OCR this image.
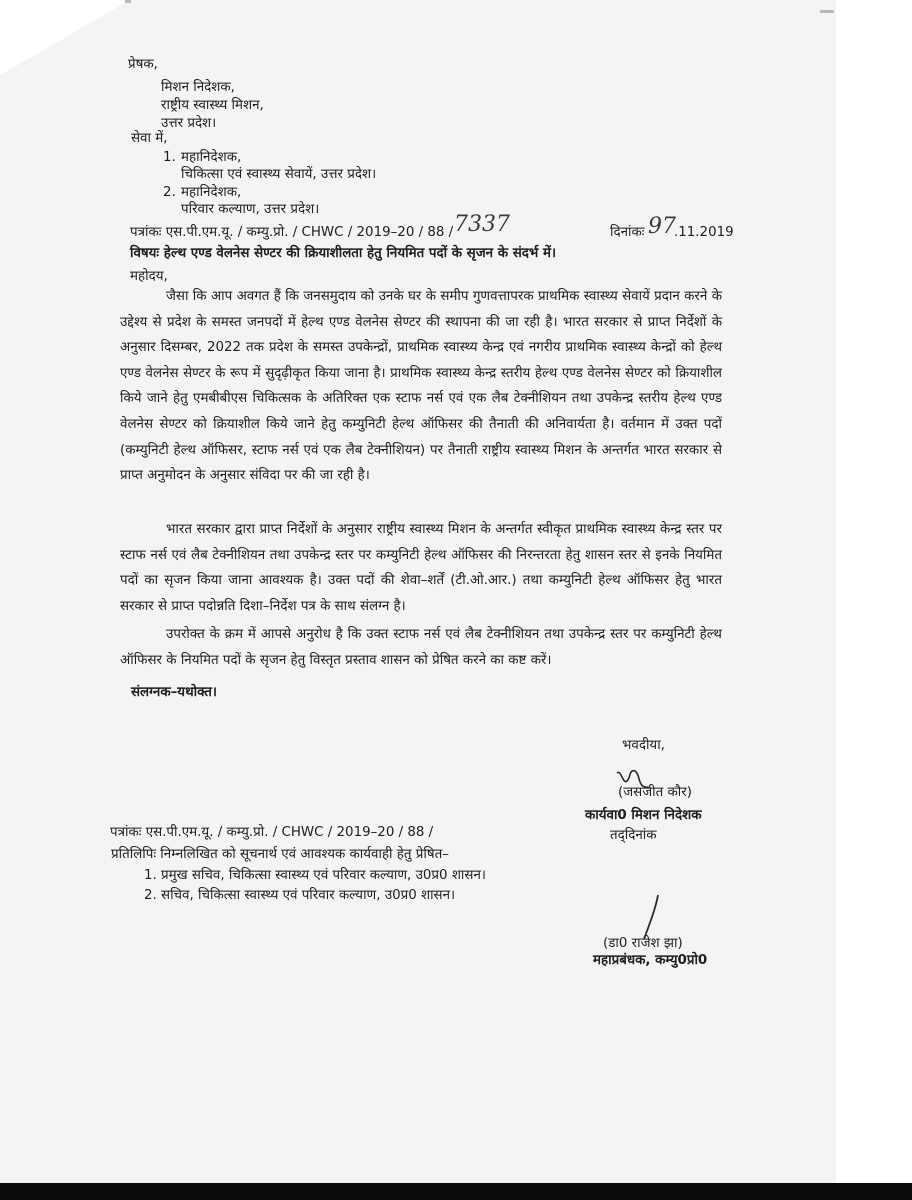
प्रेषक,
मिशन निदेशक,
राष्ट्रीय स्वास्थ्य मिशन,
उत्तर प्रदेश।
सेवा में,
1. महानिदेशक,
चिकित्सा एवं स्वास्थ्य सेवायें, उत्तर प्रदेश।
2. महानिदेशक,
परिवार कल्याण, उत्तर प्रदेश।
पत्रांकः एस.पी.एम.यू. / कम्यु.प्रो. / CHWC / 2019–20 / 88 / 7337	दिनांकः 97
.11.2019
विषयः हेल्थ एण्ड वेलनेस सेण्टर की क्रियाशीलता हेतु नियमित पदों के सृजन के संदर्भ में।
महोदय,
जैसा कि आप अवगत हैं कि जनसमुदाय को उनके घर के समीप गुणवत्तापरक प्राथमिक स्वास्थ्य सेवायें प्रदान करने के उद्देश्य से प्रदेश के समस्त जनपदों में हेल्थ एण्ड वेलनेस सेण्टर की स्थापना की जा रही है। भारत सरकार से प्राप्त निर्देशों के अनुसार दिसम्बर, 2022 तक प्रदेश के समस्त उपकेन्द्रों, प्राथमिक स्वास्थ्य केन्द्र एवं नगरीय प्राथमिक स्वास्थ्य केन्द्रों को हेल्थ एण्ड वेलनेस सेण्टर के रूप में सुदृढ़ीकृत किया जाना है। प्राथमिक स्वास्थ्य केन्द्र स्तरीय हेल्थ एण्ड वेलनेस सेण्टर को क्रियाशील किये जाने हेतु एमबीबीएस चिकित्सक के अतिरिक्त एक स्टाफ नर्स एवं एक लैब टेक्नीशियन तथा उपकेन्द्र स्तरीय हेल्थ एण्ड वेलनेस सेण्टर को क्रियाशील किये जाने हेतु कम्युनिटी हेल्थ ऑफिसर की तैनाती की अनिवार्यता है। वर्तमान में उक्त पदों (कम्युनिटी हेल्थ ऑफिसर, स्टाफ नर्स एवं एक लैब टेक्नीशियन) पर तैनाती राष्ट्रीय स्वास्थ्य मिशन के अन्तर्गत भारत सरकार से प्राप्त अनुमोदन के अनुसार संविदा पर की जा रही है।
भारत सरकार द्वारा प्राप्त निर्देशों के अनुसार राष्ट्रीय स्वास्थ्य मिशन के अन्तर्गत स्वीकृत प्राथमिक स्वास्थ्य केन्द्र स्तर पर स्टाफ नर्स एवं लैब टेक्नीशियन तथा उपकेन्द्र स्तर पर कम्युनिटी हेल्थ ऑफिसर की निरन्तरता हेतु शासन स्तर से इनके नियमित पदों का सृजन किया जाना आवश्यक है। उक्त पदों की शेवा–शर्तें (टी.ओ.आर.) तथा कम्युनिटी हेल्थ ऑफिसर हेतु भारत सरकार से प्राप्त पदोन्नति दिशा–निर्देश पत्र के साथ संलग्न है।
उपरोक्त के क्रम में आपसे अनुरोध है कि उक्त स्टाफ नर्स एवं लैब टेक्नीशियन तथा उपकेन्द्र स्तर पर कम्युनिटी हेल्थ ऑफिसर के नियमित पदों के सृजन हेतु विस्तृत प्रस्ताव शासन को प्रेषित करने का कष्ट करें।
संलग्नक–यथोक्त।
भवदीया,
(जसजीत कौर)
कार्यवा0 मिशन निदेशक
पत्रांकः एस.पी.एम.यू. / कम्यु.प्रो. / CHWC / 2019–20 / 88 /	तद्‌दिनांक
प्रतिलिपिः निम्नलिखित को सूचनार्थ एवं आवश्यक कार्यवाही हेतु प्रेषित–
1. प्रमुख सचिव, चिकित्सा स्वास्थ्य एवं परिवार कल्याण, उ0प्र0 शासन।
2. सचिव, चिकित्सा स्वास्थ्य एवं परिवार कल्याण, उ0प्र0 शासन।
(डा0 राजेश झा)
महाप्रबंधक, कम्यु0प्रो0
